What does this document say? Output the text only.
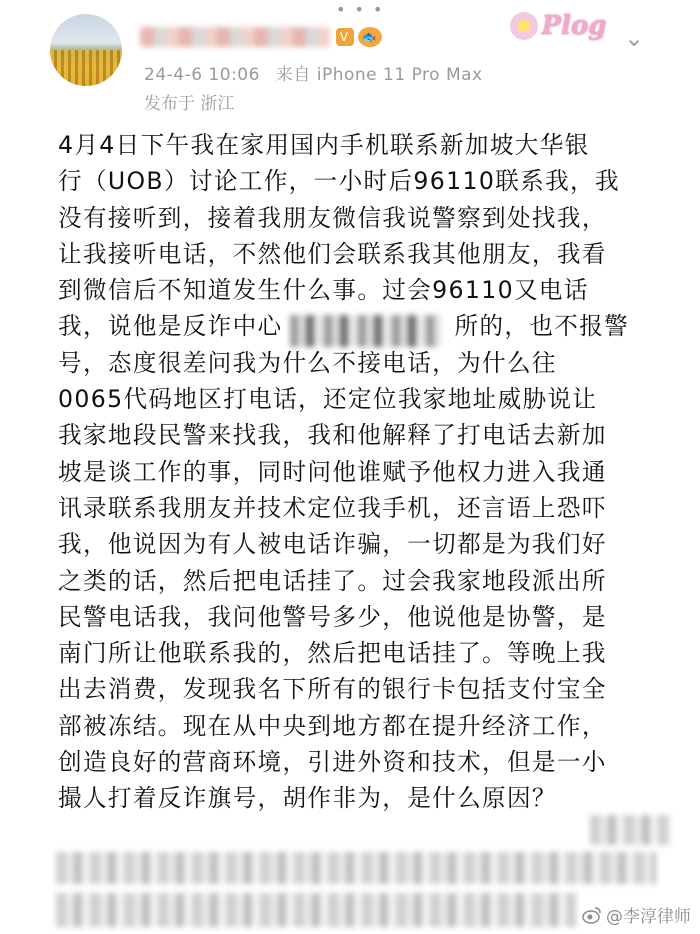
• • •
V 🐟
24-4-6 10:06 来自 iPhone 11 Pro Max
发布于 浙江
Plog ⌄

4月4日下午我在家用国内手机联系新加坡大华银

行（UOB）讨论工作，一小时后96110联系我，我

没有接听到，接着我朋友微信我说警察到处找我，

让我接听电话，不然他们会联系我其他朋友，我看

到微信后不知道发生什么事。过会96110又电话

我，说他是反诈中心	所的，也不报警

号，态度很差问我为什么不接电话，为什么往

0065代码地区打电话，还定位我家地址威胁说让

我家地段民警来找我，我和他解释了打电话去新加

坡是谈工作的事，同时问他谁赋予他权力进入我通

讯录联系我朋友并技术定位我手机，还言语上恐吓

我，他说因为有人被电话诈骗，一切都是为我们好

之类的话，然后把电话挂了。过会我家地段派出所

民警电话我，我问他警号多少，他说他是协警，是

南门所让他联系我的，然后把电话挂了。等晚上我

出去消费，发现我名下所有的银行卡包括支付宝全

部被冻结。现在从中央到地方都在提升经济工作，

创造良好的营商环境，引进外资和技术，但是一小

撮人打着反诈旗号，胡作非为，是什么原因？

@李淳律师
